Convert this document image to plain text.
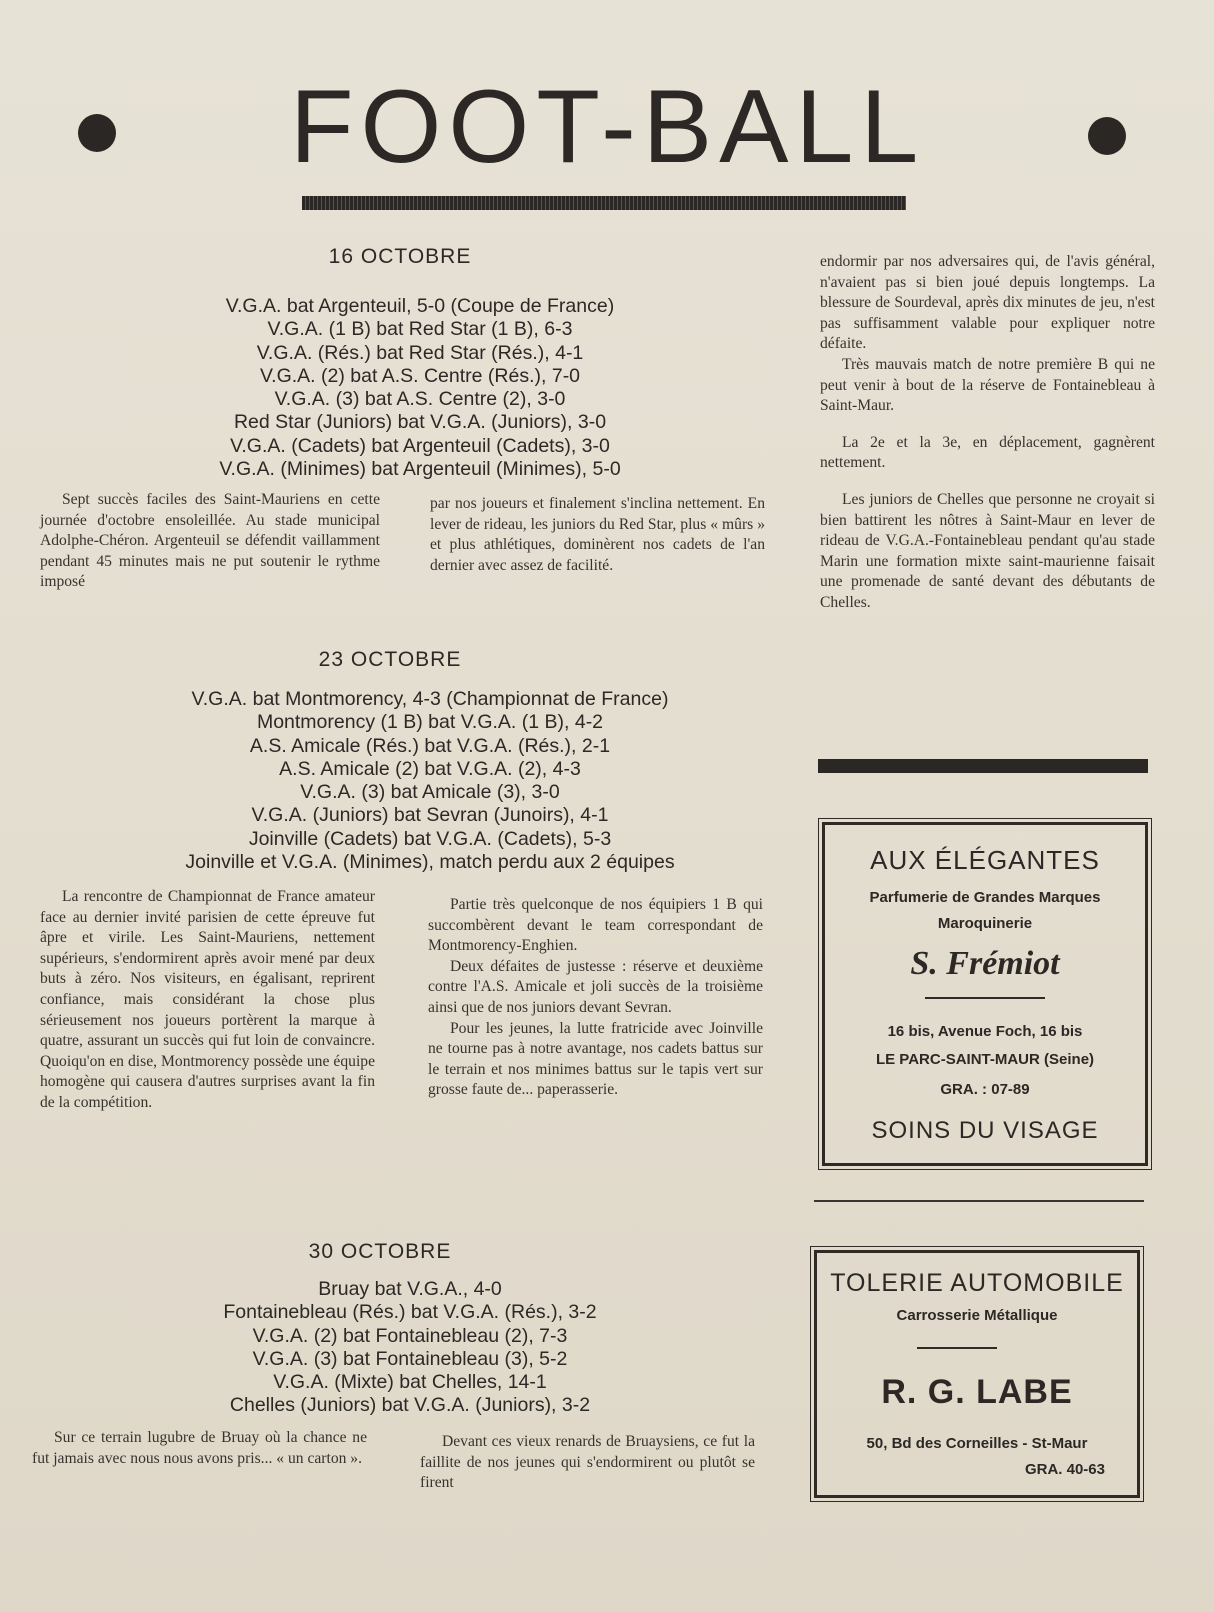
FOOT-BALL
16 OCTOBRE
V.G.A. bat Argenteuil, 5-0 (Coupe de France)
V.G.A. (1 B) bat Red Star (1 B), 6-3
V.G.A. (Rés.) bat Red Star (Rés.), 4-1
V.G.A. (2) bat A.S. Centre (Rés.), 7-0
V.G.A. (3) bat A.S. Centre (2), 3-0
Red Star (Juniors) bat V.G.A. (Juniors), 3-0
V.G.A. (Cadets) bat Argenteuil (Cadets), 3-0
V.G.A. (Minimes) bat Argenteuil (Minimes), 5-0

Sept succès faciles des Saint-Mauriens en cette journée d'octobre ensoleillée. Au stade municipal Adolphe-Chéron. Argenteuil se défendit vaillamment pendant 45 minutes mais ne put soutenir le rythme imposé

par nos joueurs et finalement s'inclina nettement. En lever de rideau, les juniors du Red Star, plus « mûrs » et plus athlétiques, dominèrent nos cadets de l'an dernier avec assez de facilité.

23 OCTOBRE
V.G.A. bat Montmorency, 4-3 (Championnat de France)
Montmorency (1 B) bat V.G.A. (1 B), 4-2
A.S. Amicale (Rés.) bat V.G.A. (Rés.), 2-1
A.S. Amicale (2) bat V.G.A. (2), 4-3
V.G.A. (3) bat Amicale (3), 3-0
V.G.A. (Juniors) bat Sevran (Junoirs), 4-1
Joinville (Cadets) bat V.G.A. (Cadets), 5-3
Joinville et V.G.A. (Minimes), match perdu aux 2 équipes

La rencontre de Championnat de France amateur face au dernier invité parisien de cette épreuve fut âpre et virile. Les Saint-Mauriens, nettement supérieurs, s'endormirent après avoir mené par deux buts à zéro. Nos visiteurs, en égalisant, reprirent confiance, mais considérant la chose plus sérieusement nos joueurs portèrent la marque à quatre, assurant un succès qui fut loin de convaincre. Quoiqu'on en dise, Montmorency possède une équipe homogène qui causera d'autres surprises avant la fin de la compétition.

Partie très quelconque de nos équipiers 1 B qui succombèrent devant le team correspondant de Montmorency-Enghien.

Deux défaites de justesse : réserve et deuxième contre l'A.S. Amicale et joli succès de la troisième ainsi que de nos juniors devant Sevran.

Pour les jeunes, la lutte fratricide avec Joinville ne tourne pas à notre avantage, nos cadets battus sur le terrain et nos minimes battus sur le tapis vert sur grosse faute de... paperasserie.

30 OCTOBRE
Bruay bat V.G.A., 4-0
Fontainebleau (Rés.) bat V.G.A. (Rés.), 3-2
V.G.A. (2) bat Fontainebleau (2), 7-3
V.G.A. (3) bat Fontainebleau (3), 5-2
V.G.A. (Mixte) bat Chelles, 14-1
Chelles (Juniors) bat V.G.A. (Juniors), 3-2

Sur ce terrain lugubre de Bruay où la chance ne fut jamais avec nous nous avons pris... « un carton ».

Devant ces vieux renards de Bruaysiens, ce fut la faillite de nos jeunes qui s'endormirent ou plutôt se firent

endormir par nos adversaires qui, de l'avis général, n'avaient pas si bien joué depuis longtemps. La blessure de Sourdeval, après dix minutes de jeu, n'est pas suffisamment valable pour expliquer notre défaite.

Très mauvais match de notre première B qui ne peut venir à bout de la réserve de Fontainebleau à Saint-Maur.

La 2e et la 3e, en déplacement, gagnèrent nettement.

Les juniors de Chelles que personne ne croyait si bien battirent les nôtres à Saint-Maur en lever de rideau de V.G.A.-Fontainebleau pendant qu'au stade Marin une formation mixte saint-maurienne faisait une promenade de santé devant des débutants de Chelles.

AUX ÉLÉGANTES
Parfumerie de Grandes Marques
Maroquinerie
S. Frémiot
16 bis, Avenue Foch, 16 bis
LE PARC-SAINT-MAUR (Seine)
GRA. : 07-89
SOINS DU VISAGE
TOLERIE AUTOMOBILE
Carrosserie Métallique
R. G. LABE
50, Bd des Corneilles - St-Maur
GRA. 40-63
